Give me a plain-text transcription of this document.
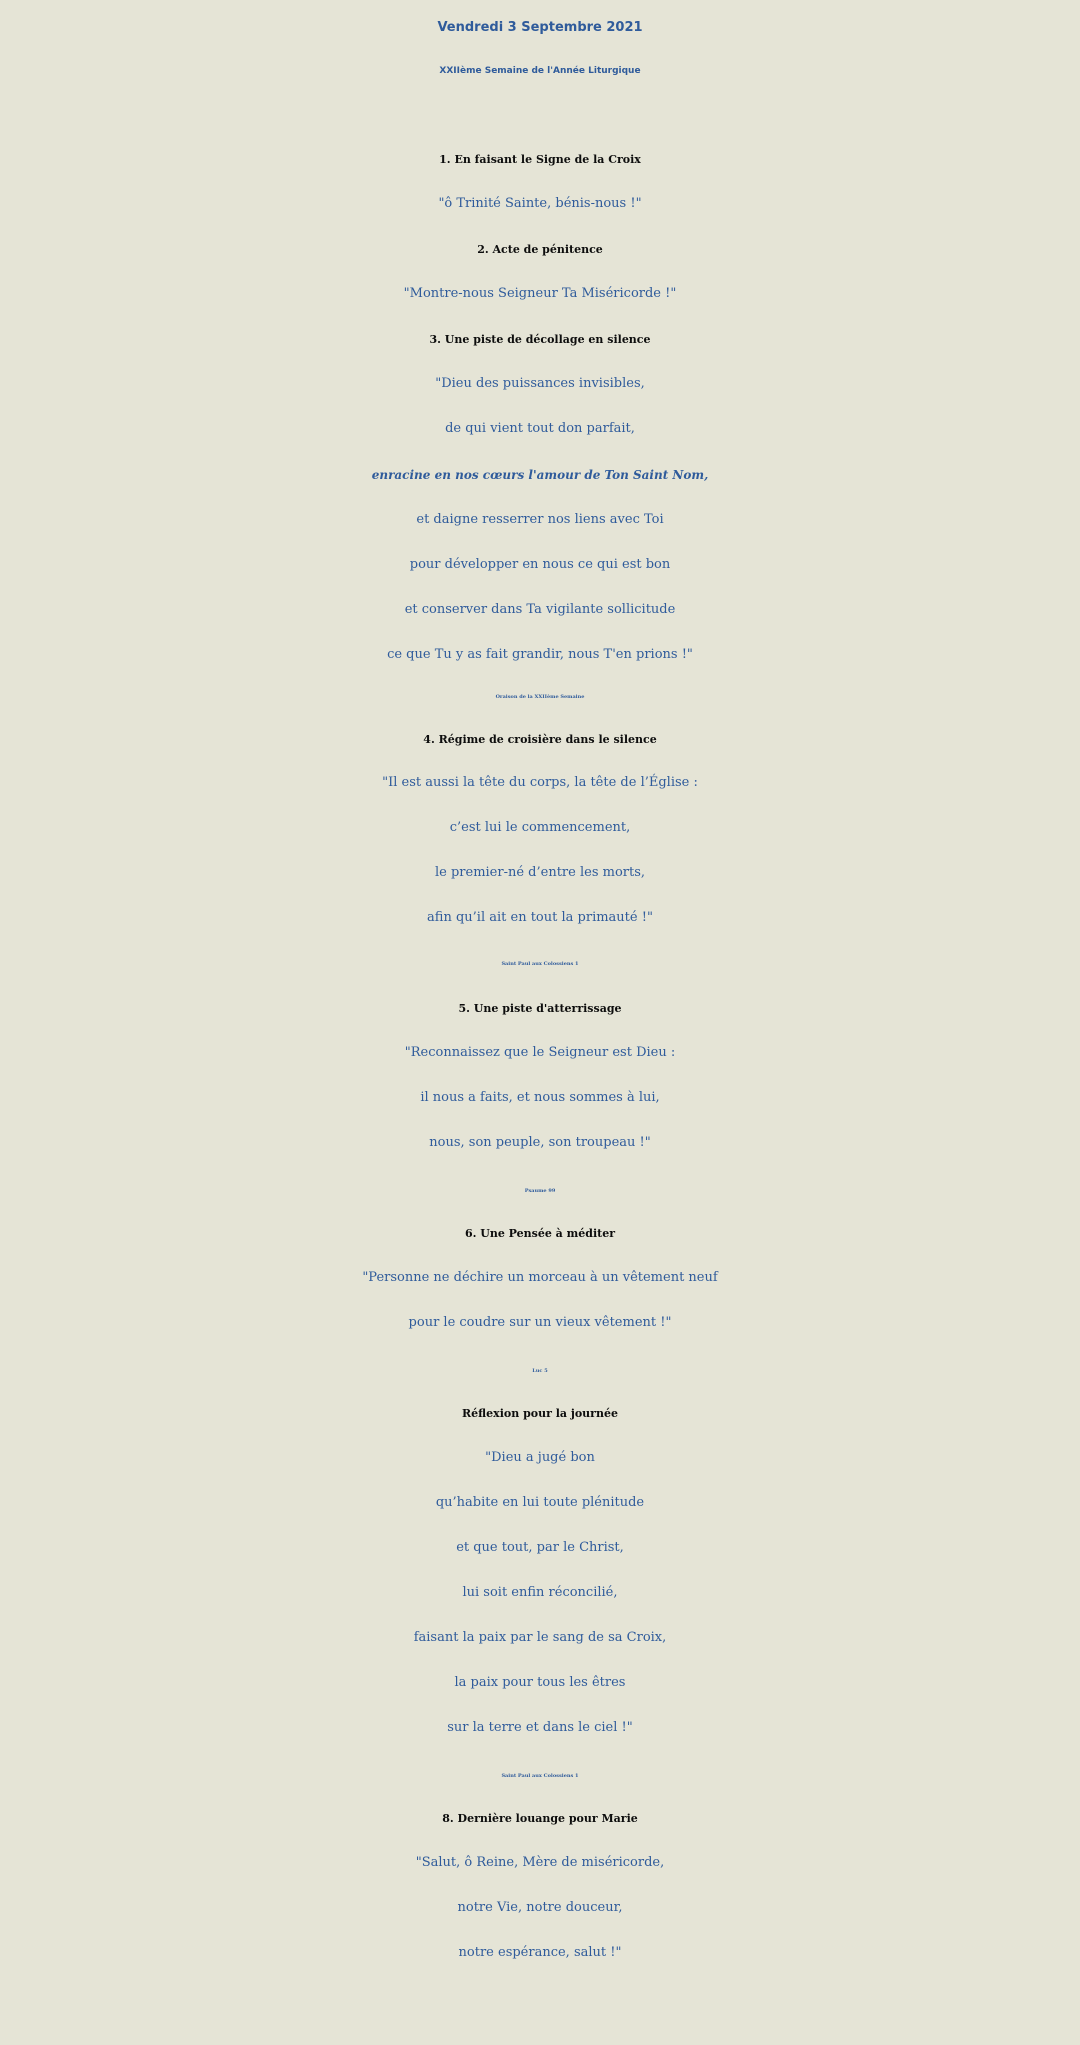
Vendredi 3 Septembre 2021
XXIIème Semaine de l'Année Liturgique
1. En faisant le Signe de la Croix
"ô Trinité Sainte, bénis-nous !"
2. Acte de pénitence
"Montre-nous Seigneur Ta Miséricorde !"
3. Une piste de décollage en silence
"Dieu des puissances invisibles,
de qui vient tout don parfait,
enracine en nos cœurs l'amour de Ton Saint Nom,
et daigne resserrer nos liens avec Toi
pour développer en nous ce qui est bon
et conserver dans Ta vigilante sollicitude
ce que Tu y as fait grandir, nous T'en prions !"
Oraison de la XXIIème Semaine
4. Régime de croisière dans le silence
"Il est aussi la tête du corps, la tête de l’Église :
c’est lui le commencement,
le premier-né d’entre les morts,
afin qu’il ait en tout la primauté !"
Saint Paul aux Colossiens 1
5. Une piste d'atterrissage
"Reconnaissez que le Seigneur est Dieu :
il nous a faits, et nous sommes à lui,
nous, son peuple, son troupeau !"
Psaume 99
6. Une Pensée à méditer
"Personne ne déchire un morceau à un vêtement neuf
pour le coudre sur un vieux vêtement !"
Luc 5
Réflexion pour la journée
"Dieu a jugé bon
qu’habite en lui toute plénitude
et que tout, par le Christ,
lui soit enfin réconcilié,
faisant la paix par le sang de sa Croix,
la paix pour tous les êtres
sur la terre et dans le ciel !"
Saint Paul aux Colossiens 1
8. Dernière louange pour Marie
"Salut, ô Reine, Mère de miséricorde,
notre Vie, notre douceur,
notre espérance, salut !"
